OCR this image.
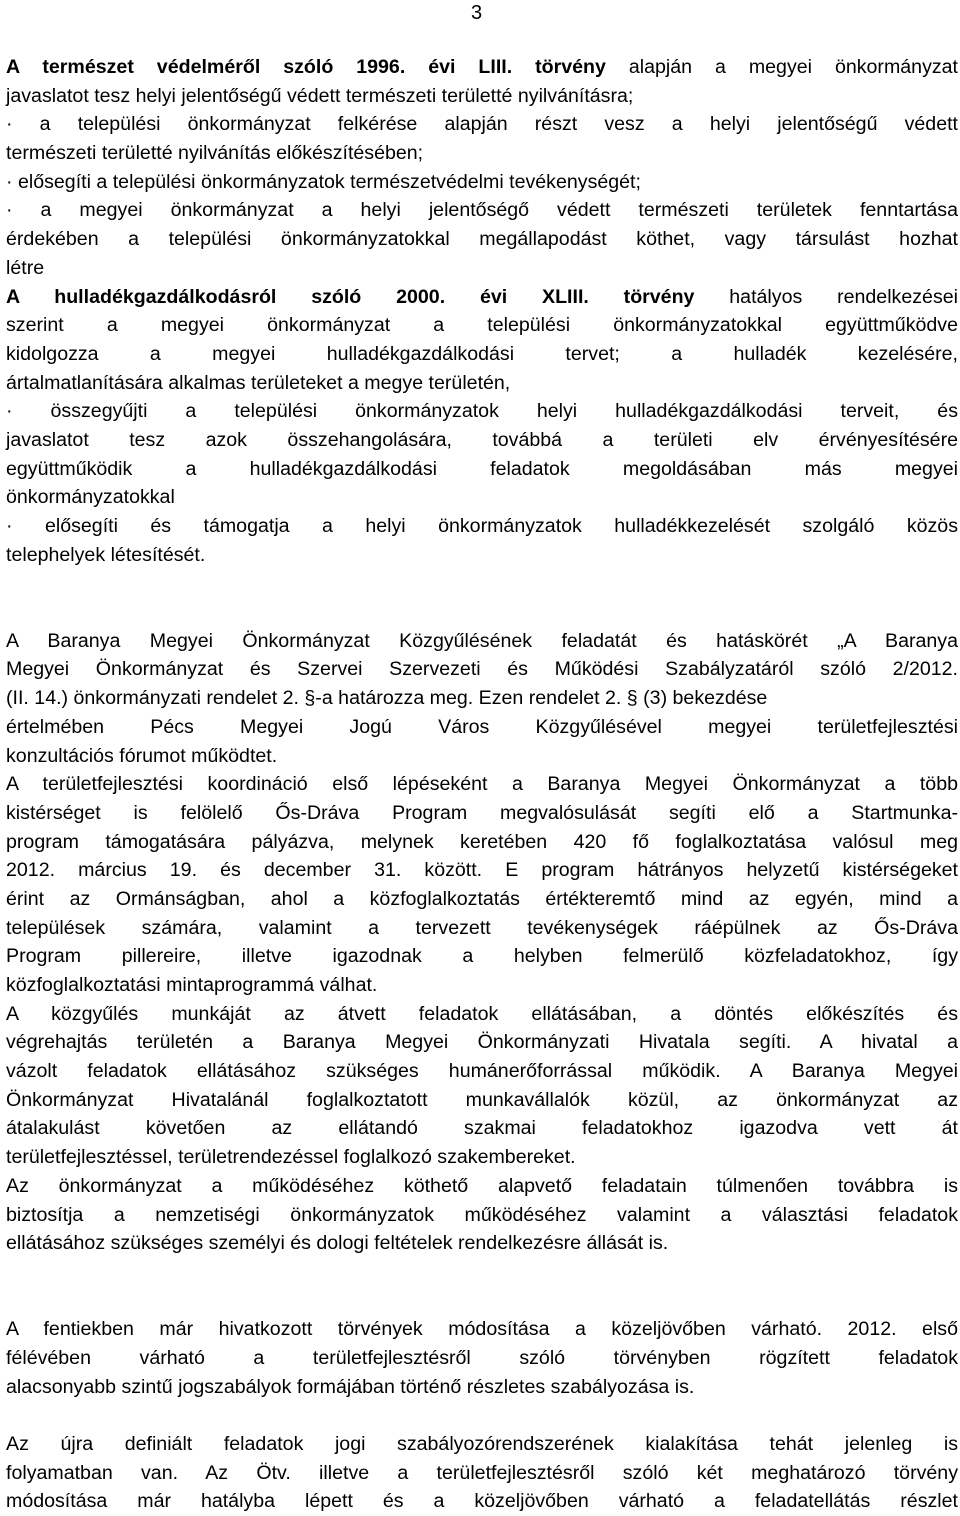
3
A természet védelméről szóló 1996. évi LIII. törvény alapján a megyei önkormányzat
javaslatot tesz helyi jelentőségű védett természeti területté nyilvánításra;
· a települési önkormányzat felkérése alapján részt vesz a helyi jelentőségű védett
természeti területté nyilvánítás előkészítésében;
· elősegíti a települési önkormányzatok természetvédelmi tevékenységét;
· a megyei önkormányzat a helyi jelentőségő védett természeti területek fenntartása
érdekében a települési önkormányzatokkal megállapodást köthet, vagy társulást hozhat
létre
A hulladékgazdálkodásról szóló 2000. évi XLIII. törvény hatályos rendelkezései
szerint a megyei önkormányzat a települési önkormányzatokkal együttműködve
kidolgozza a megyei hulladékgazdálkodási tervet; a hulladék kezelésére,
ártalmatlanítására alkalmas területeket a megye területén,
· összegyűjti a települési önkormányzatok helyi hulladékgazdálkodási terveit, és
javaslatot tesz azok összehangolására, továbbá a területi elv érvényesítésére
együttműködik a hulladékgazdálkodási feladatok megoldásában más megyei
önkormányzatokkal
· elősegíti és támogatja a helyi önkormányzatok hulladékkezelését szolgáló közös
telephelyek létesítését.
A Baranya Megyei Önkormányzat Közgyűlésének feladatát és hatáskörét „A Baranya
Megyei Önkormányzat és Szervei Szervezeti és Működési Szabályzatáról szóló 2/2012.
(II. 14.) önkormányzati rendelet 2. §-a határozza meg. Ezen rendelet 2. § (3) bekezdése
értelmében Pécs Megyei Jogú Város Közgyűlésével megyei területfejlesztési
konzultációs fórumot működtet.
A területfejlesztési koordináció első lépéseként a Baranya Megyei Önkormányzat a több
kistérséget is felölelő Ős-Dráva Program megvalósulását segíti elő a Startmunka-
program támogatására pályázva, melynek keretében 420 fő foglalkoztatása valósul meg
2012. március 19. és december 31. között. E program hátrányos helyzetű kistérségeket
érint az Ormánságban, ahol a közfoglalkoztatás értékteremtő mind az egyén, mind a
települések számára, valamint a tervezett tevékenységek ráépülnek az Ős-Dráva
Program pillereire, illetve igazodnak a helyben felmerülő közfeladatokhoz, így
közfoglalkoztatási mintaprogrammá válhat.
A közgyűlés munkáját az átvett feladatok ellátásában, a döntés előkészítés és
végrehajtás területén a Baranya Megyei Önkormányzati Hivatala segíti. A hivatal a
vázolt feladatok ellátásához szükséges humánerőforrással működik. A Baranya Megyei
Önkormányzat Hivatalánál foglalkoztatott munkavállalók közül, az önkormányzat az
átalakulást követően az ellátandó szakmai feladatokhoz igazodva vett át
területfejlesztéssel, területrendezéssel foglalkozó szakembereket.
Az önkormányzat a működéséhez köthető alapvető feladatain túlmenően továbbra is
biztosítja a nemzetiségi önkormányzatok működéséhez valamint a választási feladatok
ellátásához szükséges személyi és dologi feltételek rendelkezésre állását is.
A fentiekben már hivatkozott törvények módosítása a közeljövőben várható. 2012. első
félévében várható a területfejlesztésről szóló törvényben rögzített feladatok
alacsonyabb szintű jogszabályok formájában történő részletes szabályozása is.
Az újra definiált feladatok jogi szabályozórendszerének kialakítása tehát jelenleg is
folyamatban van. Az Ötv. illetve a területfejlesztésről szóló két meghatározó törvény
módosítása már hatályba lépett és a közeljövőben várható a feladatellátás részlet
